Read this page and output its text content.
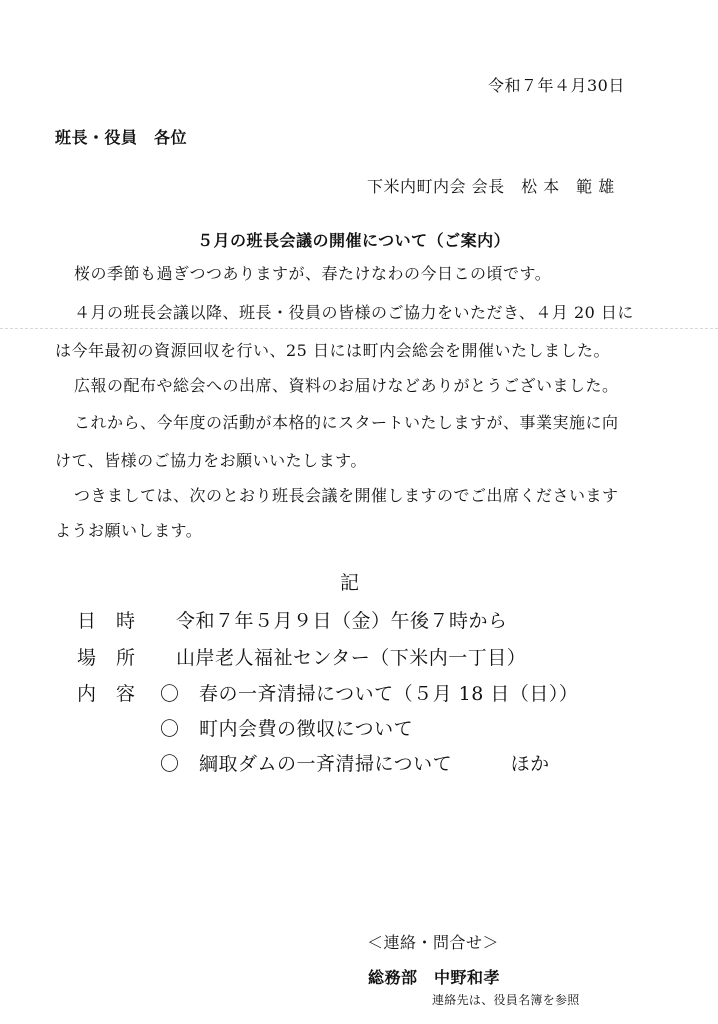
令和７年４月30日
班長・役員　各位
下米内町内会 会長　松 本　範 雄
５月の班長会議の開催について（ご案内）
桜の季節も過ぎつつありますが、春たけなわの今日この頃です。
４月の班長会議以降、班長・役員の皆様のご協力をいただき、４月 20 日に
は今年最初の資源回収を行い、25 日には町内会総会を開催いたしました。
広報の配布や総会への出席、資料のお届けなどありがとうございました。
これから、今年度の活動が本格的にスタートいたしますが、事業実施に向
けて、皆様のご協力をお願いいたします。
つきましては、次のとおり班長会議を開催しますのでご出席くださいます
ようお願いします。
記
日　時 令和７年５月９日（金）午後７時から
場　所 山岸老人福祉センター（下米内一丁目）
内　容 〇 春の一斉清掃について（５月 18 日（日））
〇 町内会費の徴収について
〇 綱取ダムの一斉清掃について　　　ほか
＜連絡・問合せ＞
総務部　中野和孝
連絡先は、役員名簿を参照
